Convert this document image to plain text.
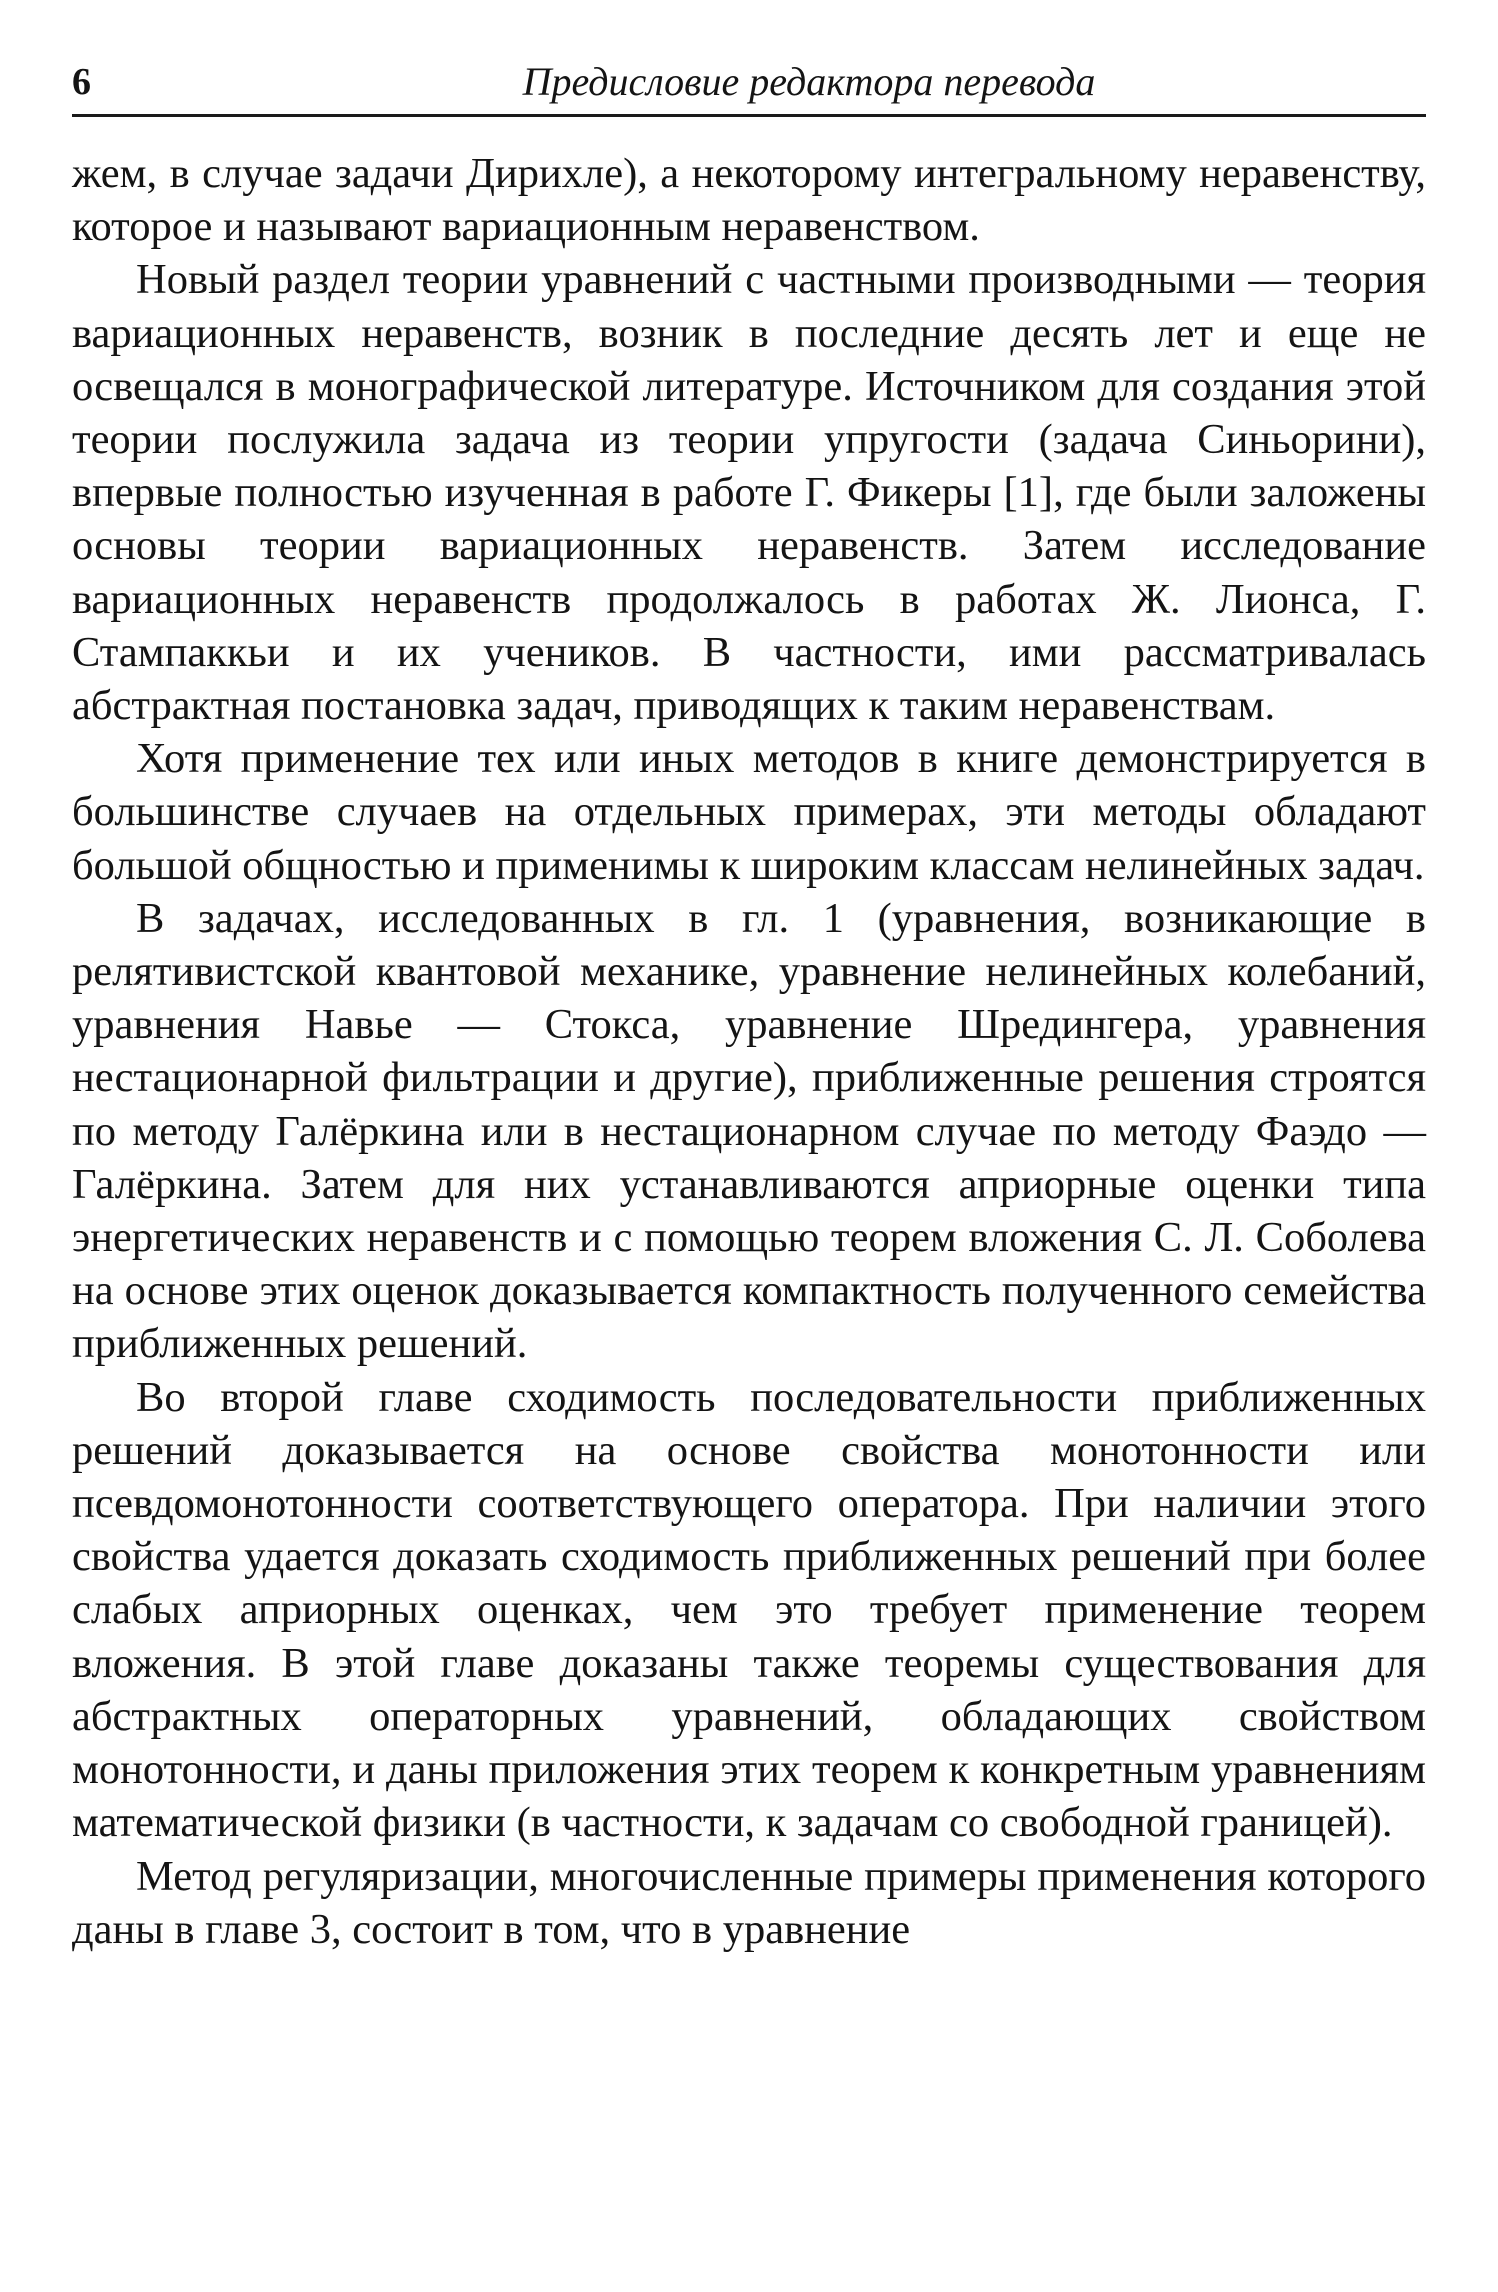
6	Предисловие редактора перевода

жем, в случае задачи Дирихле), а некоторому интегральному неравенству, которое и называют вариационным неравенством.

Новый раздел теории уравнений с частными производными — теория вариационных неравенств, возник в последние десять лет и еще не освещался в монографической литературе. Источником для создания этой теории послужила задача из теории упругости (задача Синьорини), впервые полностью изученная в работе Г. Фикеры [1], где были заложены основы теории вариационных неравенств. Затем исследование вариационных неравенств продолжалось в работах Ж. Лионса, Г. Стампаккьи и их учеников. В частности, ими рассматривалась абстрактная постановка задач, приводящих к таким неравенствам.

Хотя применение тех или иных методов в книге демонстрируется в большинстве случаев на отдельных примерах, эти методы обладают большой общностью и применимы к широким классам нелинейных задач.

В задачах, исследованных в гл. 1 (уравнения, возникающие в релятивистской квантовой механике, уравнение нелинейных колебаний, уравнения Навье — Стокса, уравнение Шредингера, уравнения нестационарной фильтрации и другие), приближенные решения строятся по методу Галёркина или в нестационарном случае по методу Фаэдо — Галёркина. Затем для них устанавливаются априорные оценки типа энергетических неравенств и с помощью теорем вложения С. Л. Соболева на основе этих оценок доказывается компактность полученного семейства приближенных решений.

Во второй главе сходимость последовательности приближенных решений доказывается на основе свойства монотонности или псевдомонотонности соответствующего оператора. При наличии этого свойства удается доказать сходимость приближенных решений при более слабых априорных оценках, чем это требует применение теорем вложения. В этой главе доказаны также теоремы существования для абстрактных операторных уравнений, обладающих свойством монотонности, и даны приложения этих теорем к конкретным уравнениям математической физики (в частности, к задачам со свободной границей).

Метод регуляризации, многочисленные примеры применения которого даны в главе 3, состоит в том, что в уравнение
